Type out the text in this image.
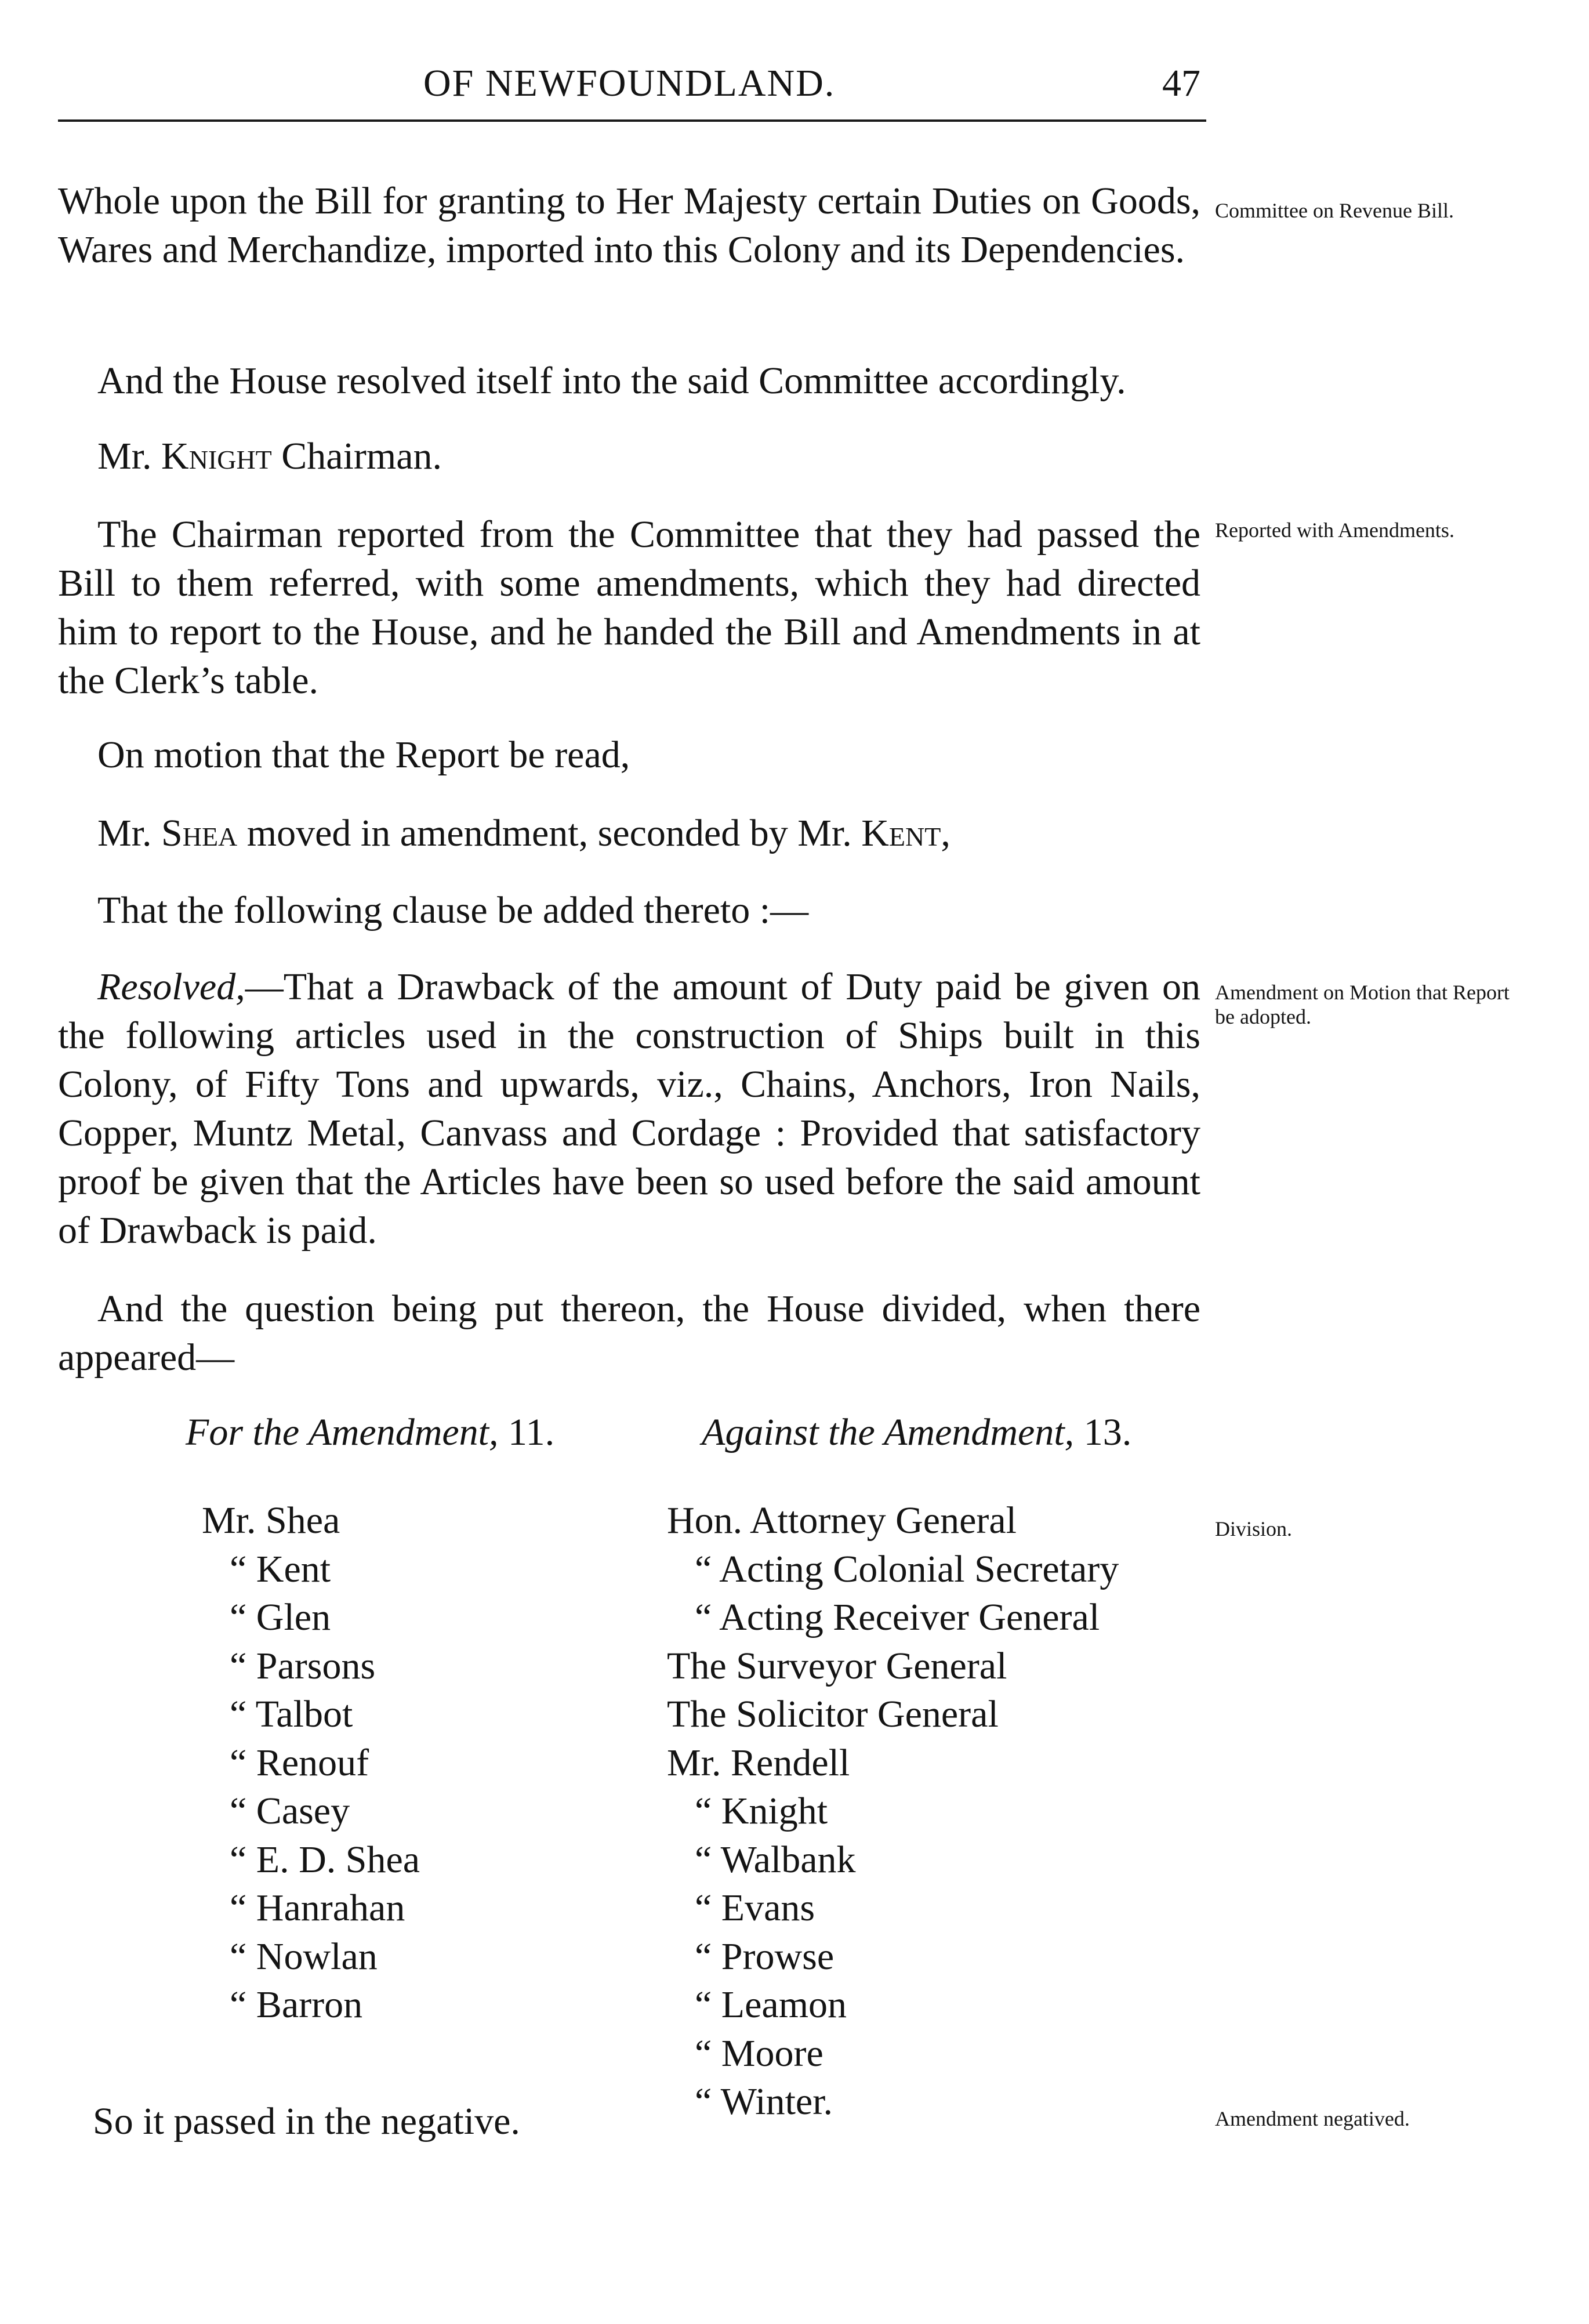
OF NEWFOUNDLAND.	47

Whole upon the Bill for granting to Her Majesty certain Duties on Goods, Wares and Merchandize, imported into this Colony and its Dependencies.

And the House resolved itself into the said Committee accordingly.

Mr. Knight Chairman.

The Chairman reported from the Committee that they had passed the Bill to them referred, with some amendments, which they had directed him to report to the House, and he handed the Bill and Amendments in at the Clerk’s table.

On motion that the Report be read,

Mr. Shea moved in amendment, seconded by Mr. Kent,

That the following clause be added thereto :—

Resolved,—That a Drawback of the amount of Duty paid be given on the following articles used in the construction of Ships built in this Colony, of Fifty Tons and upwards, viz., Chains, Anchors, Iron Nails, Copper, Muntz Metal, Canvass and Cordage : Provided that satisfactory proof be given that the Articles have been so used before the said amount of Drawback is paid.

And the question being put thereon, the House divided, when there appeared—

Committee on Revenue Bill.
Reported with Amendments.
Amendment on Motion that Report be adopted.
Division.
Amendment negatived.
For the Amendment, 11.	Against the Amendment, 13.
Mr. Shea
“ Kent
“ Glen
“ Parsons
“ Talbot
“ Renouf
“ Casey
“ E. D. Shea
“ Hanrahan
“ Nowlan
“ Barron
Hon. Attorney General
“ Acting Colonial Secretary
“ Acting Receiver General
The Surveyor General
The Solicitor General
Mr. Rendell
“ Knight
“ Walbank
“ Evans
“ Prowse
“ Leamon
“ Moore
“ Winter.
So it passed in the negative.
